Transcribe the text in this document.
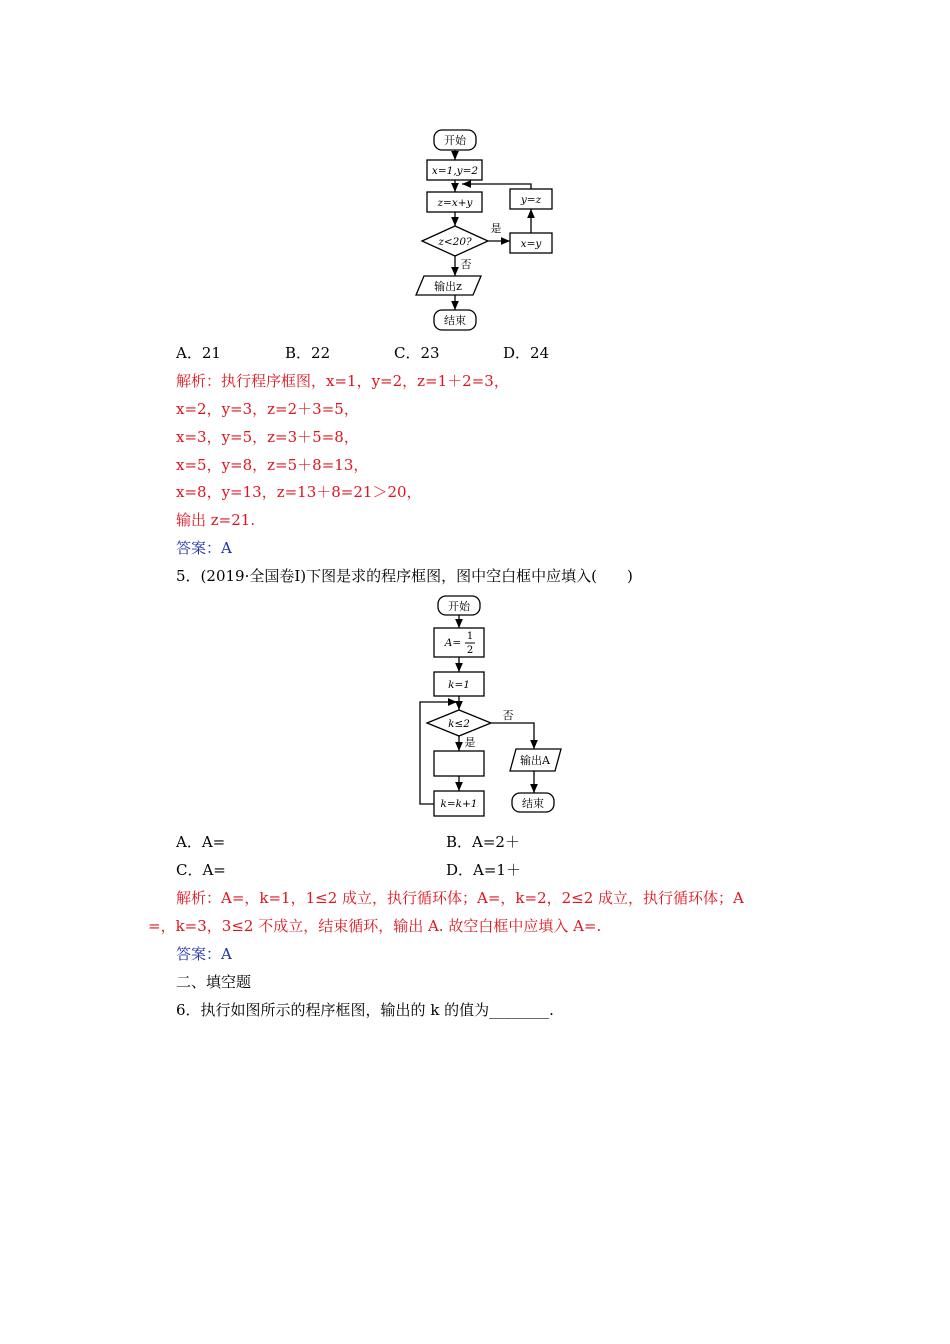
开始
x=1,y=2
z=x+y
z<20?
是
否
x=y
y=z
输出z
结束
A．21	B．22	C．23	D．24
解析：执行程序框图，x=1，y=2，z=1＋2=3，
x=2，y=3，z=2＋3=5，
x=3，y=5，z=3＋5=8，
x=5，y=8，z=5＋8=13，
x=8，y=13，z=13＋8=21＞20，
输出 z=21.
答案：A
5．(2019·全国卷Ⅰ)下图是求的程序框图，图中空白框中应填入(　　)
开始
A=
1
2
k=1
k≤2
是
否
k=k+1
输出A
结束
A．A=	B．A=2＋
C．A=	D．A=1＋
解析：A=，k=1，1≤2 成立，执行循环体；A=，k=2，2≤2 成立，执行循环体；A
=，k=3，3≤2 不成立，结束循环，输出 A. 故空白框中应填入 A=.
答案：A
二、填空题
6．执行如图所示的程序框图，输出的 k 的值为________.
